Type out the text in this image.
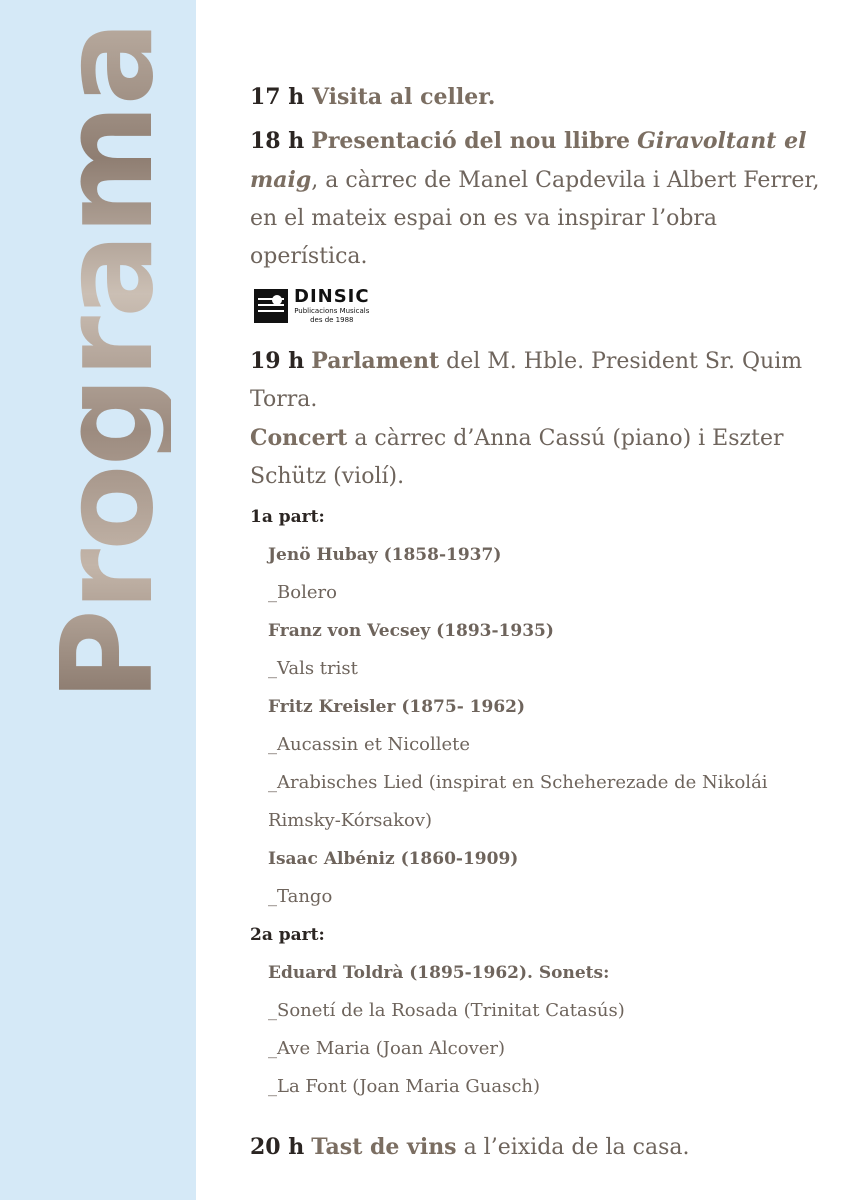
Programa	17 h Visita al celler.

18 h Presentació del nou llibre Giravoltant el maig, a càrrec de Manel Capdevila i Albert Ferrer, en el mateix espai on es va inspirar l’obra operística.

DINSIC
Publicacions Musicals
des de 1988

19 h Parlament del M. Hble. President Sr. Quim Torra.

Concert a càrrec d’Anna Cassú (piano) i Eszter Schütz (violí).

1a part:
Jenö Hubay (1858-1937)
_Bolero
Franz von Vecsey (1893-1935)
_Vals trist
Fritz Kreisler (1875- 1962)
_Aucassin et Nicollete
_Arabisches Lied (inspirat en Scheherezade de Nikolái
Rimsky-Kórsakov)
Isaac Albéniz (1860-1909)
_Tango
2a part:
Eduard Toldrà (1895-1962). Sonets:
_Sonetí de la Rosada (Trinitat Catasús)
_Ave Maria (Joan Alcover)
_La Font (Joan Maria Guasch)

20 h Tast de vins a l’eixida de la casa.
